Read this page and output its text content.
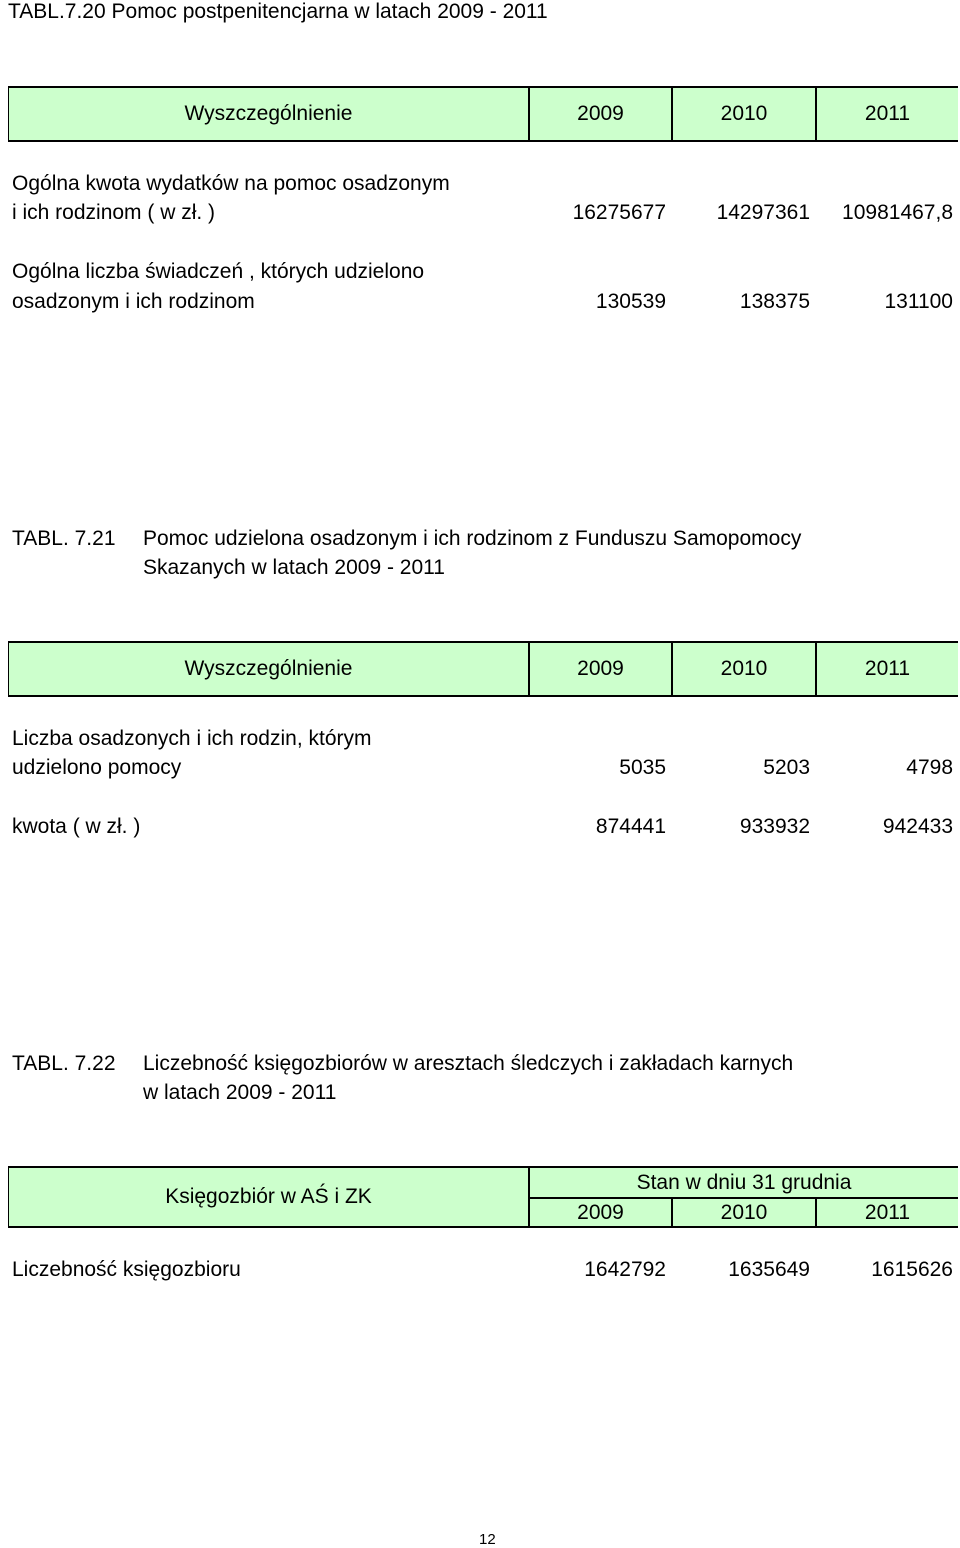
TABL.7.20 Pomoc postpenitencjarna w latach 2009 - 2011
Wyszczególnienie	2009	2010	2011
Ogólna kwota wydatków na pomoc osadzonym
i ich rodzinom ( w zł. )	16275677 14297361 10981467,8
Ogólna liczba świadczeń , których udzielono
osadzonym i ich rodzinom	130539	138375	131100
TABL. 7.21 Pomoc udzielona osadzonym i ich rodzinom z Funduszu Samopomocy
Skazanych w latach 2009 - 2011
Wyszczególnienie	2009	2010	2011
Liczba osadzonych i ich rodzin, którym
udzielono pomocy	5035	5203	4798
kwota ( w zł. )	874441	933932	942433
TABL. 7.22 Liczebność księgozbiorów w aresztach śledczych i zakładach karnych
w latach 2009 - 2011
Księgozbiór w AŚ i ZK
Stan w dniu 31 grudnia
2009	2010	2011
Liczebność księgozbioru	1642792	1635649	1615626
12
